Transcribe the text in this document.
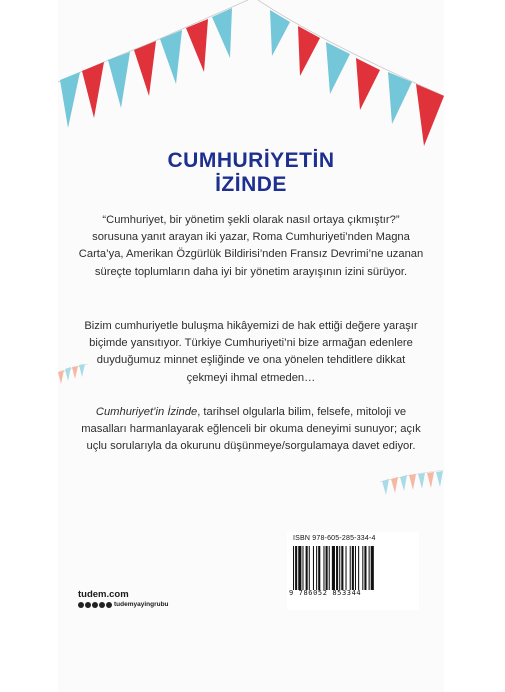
CUMHURİYETİN
İZİNDE
“Cumhuriyet, bir yönetim şekli olarak nasıl ortaya çıkmıştır?” sorusuna yanıt arayan iki yazar, Roma Cumhuriyeti’nden Magna Carta’ya, Amerikan Özgürlük Bildirisi’nden Fransız Devrimi’ne uzanan süreçte toplumların daha iyi bir yönetim arayışının izini sürüyor.
Bizim cumhuriyetle buluşma hikâyemizi de hak ettiği değere yaraşır biçimde yansıtıyor. Türkiye Cumhuriyeti’ni bize armağan edenlere duyduğumuz minnet eşliğinde ve ona yönelen tehditlere dikkat çekmeyi ihmal etmeden…
Cumhuriyet’in İzinde, tarihsel olgularla bilim, felsefe, mitoloji ve masalları harmanlayarak eğlenceli bir okuma deneyimi sunuyor; açık uçlu sorularıyla da okurunu düşünmeye/sorgulamaya davet ediyor.
tudem.com
tudemyayingrubu
ISBN 978-605-285-334-4
9 786052 853344
